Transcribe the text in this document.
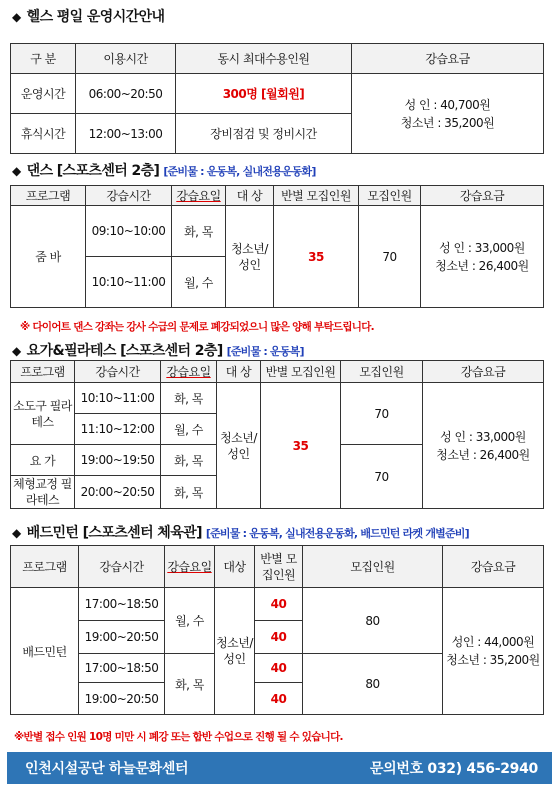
◆ 헬스 평일 운영시간안내
구 분	이용시간	동시 최대수용인원	강습요금
운영시간	06:00~20:50	300명 [월회원]	성 인 : 40,700원
청소년 : 35,200원

휴식시간	12:00~13:00	장비점검 및 정비시간	
◆ 댄스 [스포츠센터 2층] [준비물 : 운동복, 실내전용운동화]
프로그램	강습시간	강습요일	대 상	반별 모집인원	모집인원	강습요금
줌 바	09:10~10:00	화, 목	청소년/ 성인	35	70	성 인 : 33,000원
청소년 : 26,400원

	10:10~11:00	월, 수				
※ 다이어트 댄스 강좌는 강사 수급의 문제로 폐강되었으니 많은 양해 부탁드립니다.
◆ 요가&필라테스 [스포츠센터 2층] [준비물 : 운동복]
프로그램	강습시간	강습요일	대 상	반별 모집인원	모집인원	강습요금
소도구 필라테스	10:10~11:00	화, 목	청소년/ 성인	35	70	성 인 : 33,000원
청소년 : 26,400원

	11:10~12:00	월, 수				
요 가	19:00~19:50	화, 목			70	
체형교정 필라테스	20:00~20:50	화, 목				
◆ 배드민턴 [스포츠센터 체육관] [준비물 : 운동복, 실내전용운동화, 배드민턴 라켓 개별준비]
프로그램	강습시간	강습요일	대상	반별 모집인원	모집인원	강습요금
배드민턴	17:00~18:50	월, 수	청소년/ 성인	40	80	성인 : 44,000원
청소년 : 35,200원

	19:00~20:50			40		
	17:00~18:50	화, 목		40	80	
	19:00~20:50			40		
※반별 접수 인원 10명 미만 시 폐강 또는 합반 수업으로 진행 될 수 있습니다.
인천시설공단 하늘문화센터	문의번호 032) 456-2940
